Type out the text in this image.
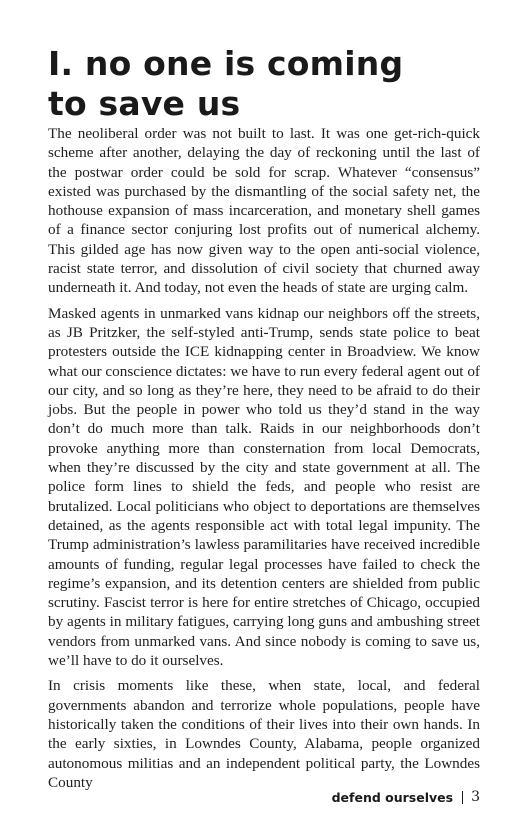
I. no one is coming
to save us

The neoliberal order was not built to last. It was one get-rich-quick scheme after another, delaying the day of reckoning until the last of the postwar order could be sold for scrap. Whatever “consensus” existed was purchased by the dismantling of the social safety net, the hothouse expansion of mass incarceration, and monetary shell games of a finance sector conjuring lost profits out of numerical alchemy. This gilded age has now given way to the open anti-social violence, racist state terror, and dissolution of civil society that churned away underneath it. And today, not even the heads of state are urging calm.

Masked agents in unmarked vans kidnap our neighbors off the streets, as JB Pritzker, the self-styled anti-Trump, sends state police to beat protesters outside the ICE kidnapping center in Broadview. We know what our conscience dictates: we have to run every federal agent out of our city, and so long as they’re here, they need to be afraid to do their jobs. But the people in power who told us they’d stand in the way don’t do much more than talk. Raids in our neighborhoods don’t provoke anything more than consternation from local Democrats, when they’re discussed by the city and state government at all. The police form lines to shield the feds, and people who resist are brutalized. Local politicians who object to deportations are themselves detained, as the agents responsible act with total legal impunity. The Trump administration’s lawless paramilitaries have received incredible amounts of funding, regular legal processes have failed to check the regime’s expansion, and its detention centers are shielded from public scrutiny. Fascist terror is here for entire stretches of Chicago, occupied by agents in military fatigues, carrying long guns and ambushing street vendors from unmarked vans. And since nobody is coming to save us, we’ll have to do it ourselves.

In crisis moments like these, when state, local, and federal governments abandon and terrorize whole populations, people have historically taken the conditions of their lives into their own hands. In the early sixties, in Lowndes County, Alabama, people organized autonomous militias and an independent political party, the Lowndes County

defend ourselves 3
